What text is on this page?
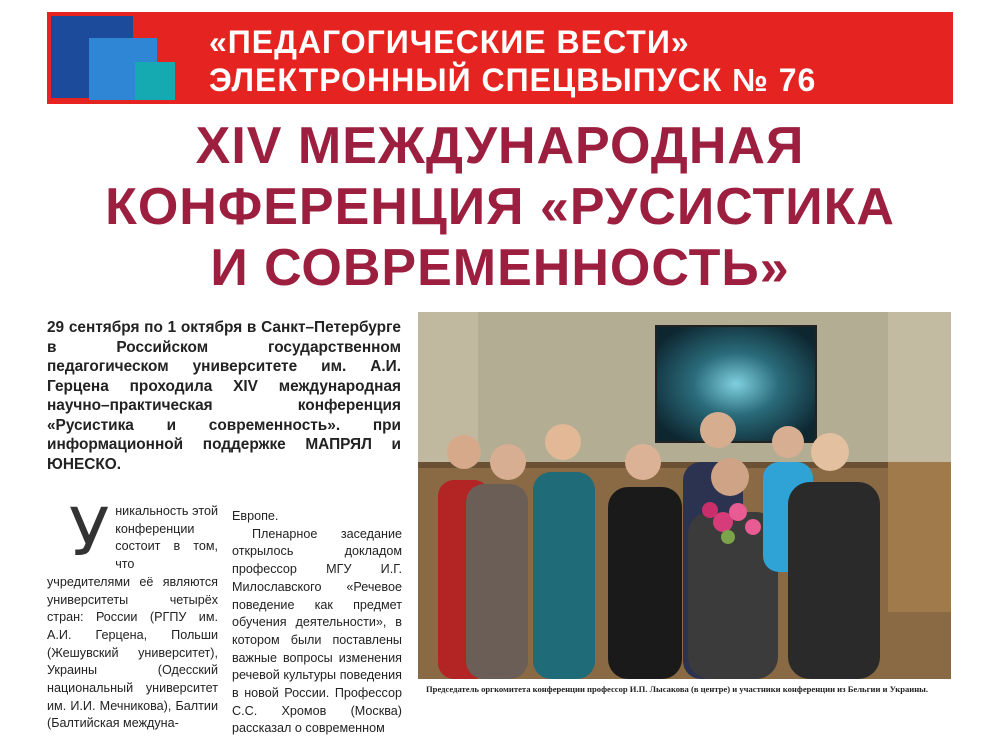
«ПЕДАГОГИЧЕСКИЕ ВЕСТИ»
ЭЛЕКТРОННЫЙ СПЕЦВЫПУСК № 76
XIV МЕЖДУНАРОДНАЯ
КОНФЕРЕНЦИЯ «РУСИСТИКА
И СОВРЕМЕННОСТЬ»
29 сентября по 1 октября в Санкт–Петербурге в Российском государственном педагогическом университете им. А.И. Герцена проходила XIV международная научно–практическая конференция «Русистика и современность». при информационной поддержке МАПРЯЛ и ЮНЕСКО.
У никальность этой конференции состоит в том, что учредителями её являются университеты четырёх стран: России (РГПУ им. А.И. Герцена, Польши (Жешувский университет), Украины (Одесский национальный университет им. И.И. Мечникова), Балтии (Балтийская междуна-

Европе.

Пленарное заседание открылось докладом профессор МГУ И.Г. Милославского «Речевое поведение как предмет обучения деятельности», в котором были поставлены важные вопросы изменения речевой культуры поведения в новой России. Профессор С.С. Хромов (Москва) рассказал о современном

Председатель оргкомитета конференции профессор И.П. Лысакова (в центре) и участники конференции из Бельгии и Украины.
